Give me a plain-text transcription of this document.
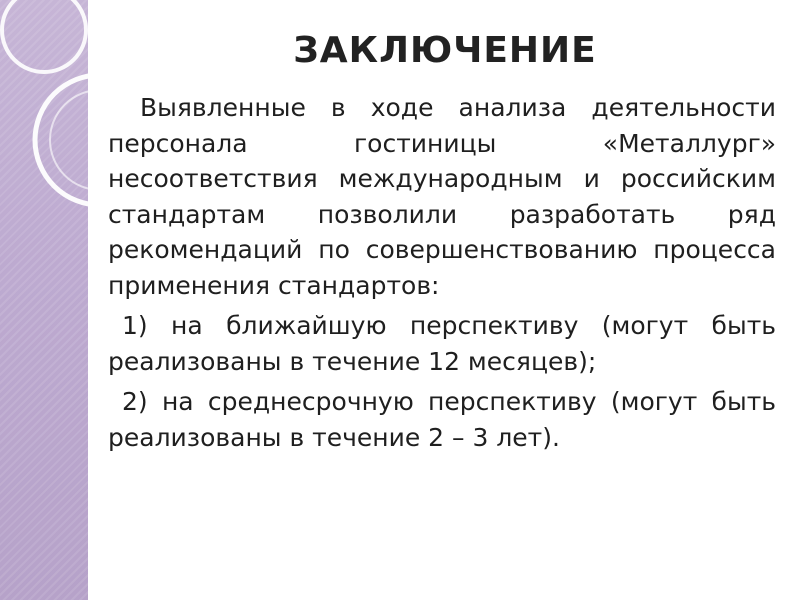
ЗАКЛЮЧЕНИЕ

Выявленные в ходе анализа деятельности персонала гостиницы «Металлург» несоответствия международным и российским стандартам позволили разработать ряд рекомендаций по совершенствованию процесса применения стандартов:

1) на ближайшую перспективу (могут быть реализованы в течение 12 месяцев);

2) на среднесрочную перспективу (могут быть реализованы в течение 2 – 3 лет).
